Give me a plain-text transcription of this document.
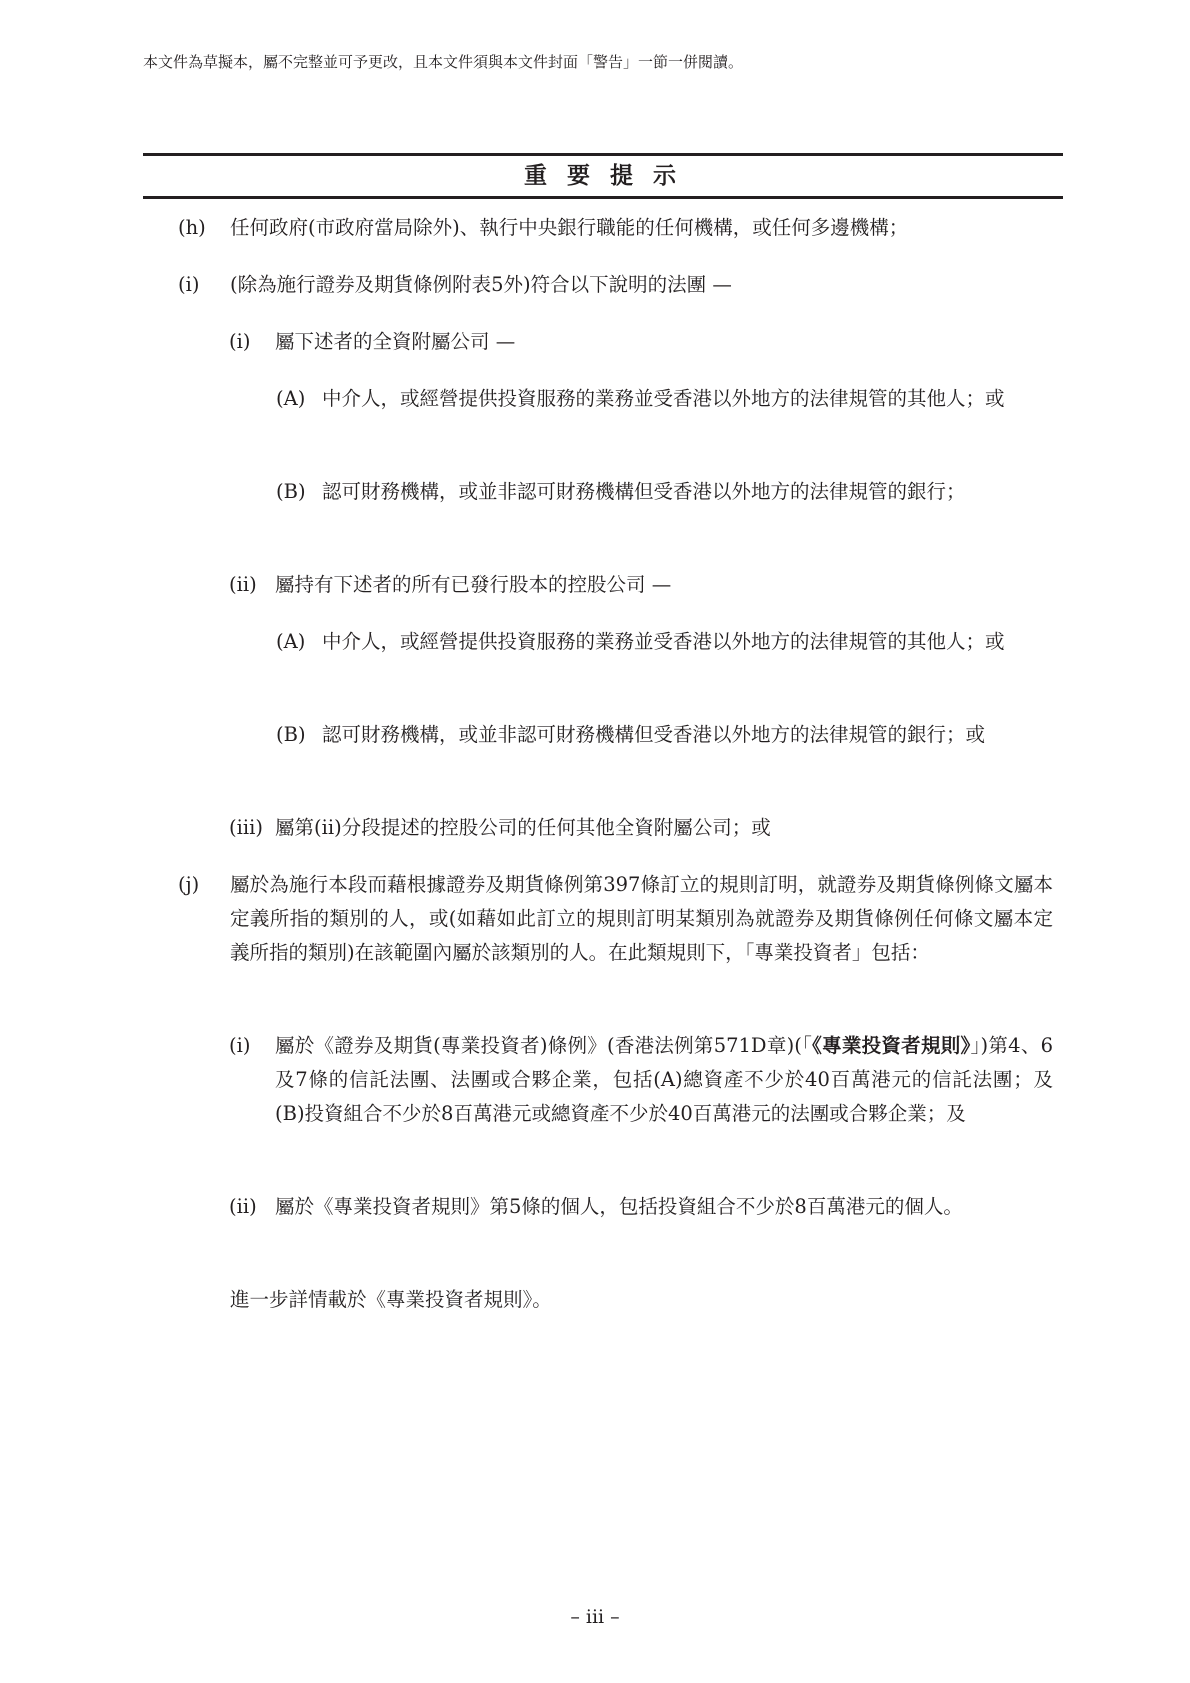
本文件為草擬本，屬不完整並可予更改，且本文件須與本文件封面「警告」一節一併閱讀。
重 要 提 示
(h) 任何政府(市政府當局除外)、執行中央銀行職能的任何機構，或任何多邊機構；
(i) (除為施行證券及期貨條例附表5外)符合以下說明的法團 —
(i) 屬下述者的全資附屬公司 —
(A) 中介人，或經營提供投資服務的業務並受香港以外地方的法律規管的其他人；或
(B) 認可財務機構，或並非認可財務機構但受香港以外地方的法律規管的銀行；
(ii) 屬持有下述者的所有已發行股本的控股公司 —
(A) 中介人，或經營提供投資服務的業務並受香港以外地方的法律規管的其他人；或
(B) 認可財務機構，或並非認可財務機構但受香港以外地方的法律規管的銀行；或
(iii) 屬第(ii)分段提述的控股公司的任何其他全資附屬公司；或
(j) 屬於為施行本段而藉根據證券及期貨條例第397條訂立的規則訂明，就證券及期貨條例條文屬本定義所指的類別的人，或(如藉如此訂立的規則訂明某類別為就證券及期貨條例任何條文屬本定義所指的類別)在該範圍內屬於該類別的人。在此類規則下，「專業投資者」包括：
(i) 屬於《證券及期貨(專業投資者)條例》(香港法例第571D章)(「《專業投資者規則》」)第4、6及7條的信託法團、法團或合夥企業，包括(A)總資產不少於40百萬港元的信託法團；及(B)投資組合不少於8百萬港元或總資產不少於40百萬港元的法團或合夥企業；及
(ii) 屬於《專業投資者規則》第5條的個人，包括投資組合不少於8百萬港元的個人。
進一步詳情載於《專業投資者規則》。
– iii –
